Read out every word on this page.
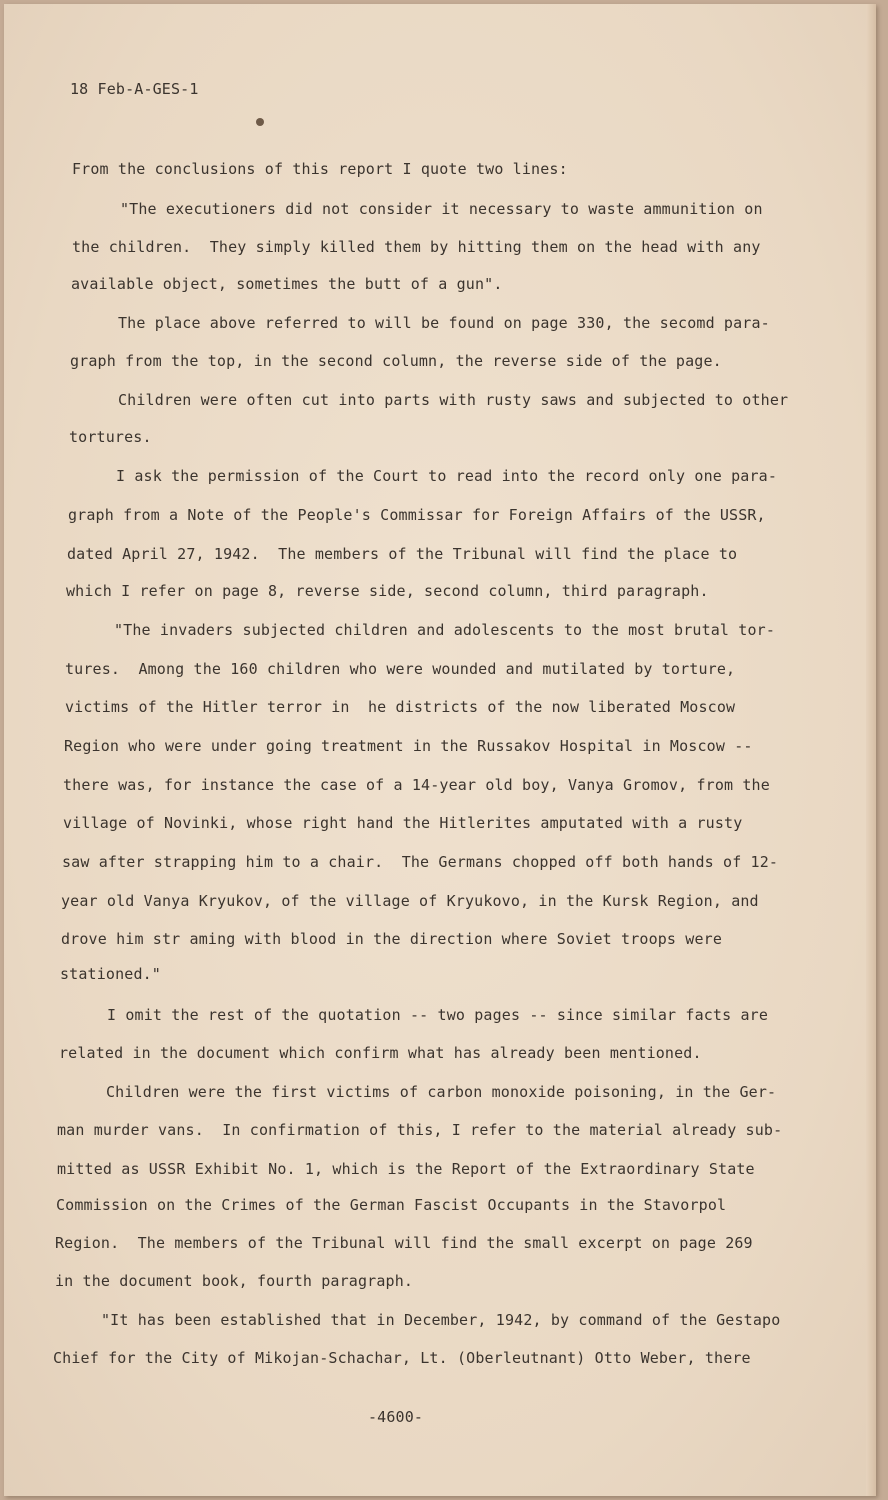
18 Feb-A-GES-1

From the conclusions of this report I quote two lines:

"The executioners did not consider it necessary to waste ammunition on

the children.  They simply killed them by hitting them on the head with any

available object, sometimes the butt of a gun".

The place above referred to will be found on page 330, the secomd para-

graph from the top, in the second column, the reverse side of the page.

Children were often cut into parts with rusty saws and subjected to other

tortures.

I ask the permission of the Court to read into the record only one para-

graph from a Note of the People's Commissar for Foreign Affairs of the USSR,

dated April 27, 1942.  The members of the Tribunal will find the place to

which I refer on page 8, reverse side, second column, third paragraph.

"The invaders subjected children and adolescents to the most brutal tor-

tures.  Among the 160 children who were wounded and mutilated by torture,

victims of the Hitler terror in  he districts of the now liberated Moscow

Region who were under going treatment in the Russakov Hospital in Moscow --

there was, for instance the case of a 14-year old boy, Vanya Gromov, from the

village of Novinki, whose right hand the Hitlerites amputated with a rusty

saw after strapping him to a chair.  The Germans chopped off both hands of 12-

year old Vanya Kryukov, of the village of Kryukovo, in the Kursk Region, and

drove him str aming with blood in the direction where Soviet troops were

stationed."

I omit the rest of the quotation -- two pages -- since similar facts are

related in the document which confirm what has already been mentioned.

Children were the first victims of carbon monoxide poisoning, in the Ger-

man murder vans.  In confirmation of this, I refer to the material already sub-

mitted as USSR Exhibit No. 1, which is the Report of the Extraordinary State

Commission on the Crimes of the German Fascist Occupants in the Stavorpol

Region.  The members of the Tribunal will find the small excerpt on page 269

in the document book, fourth paragraph.

"It has been established that in December, 1942, by command of the Gestapo

Chief for the City of Mikojan-Schachar, Lt. (Oberleutnant) Otto Weber, there

-4600-
